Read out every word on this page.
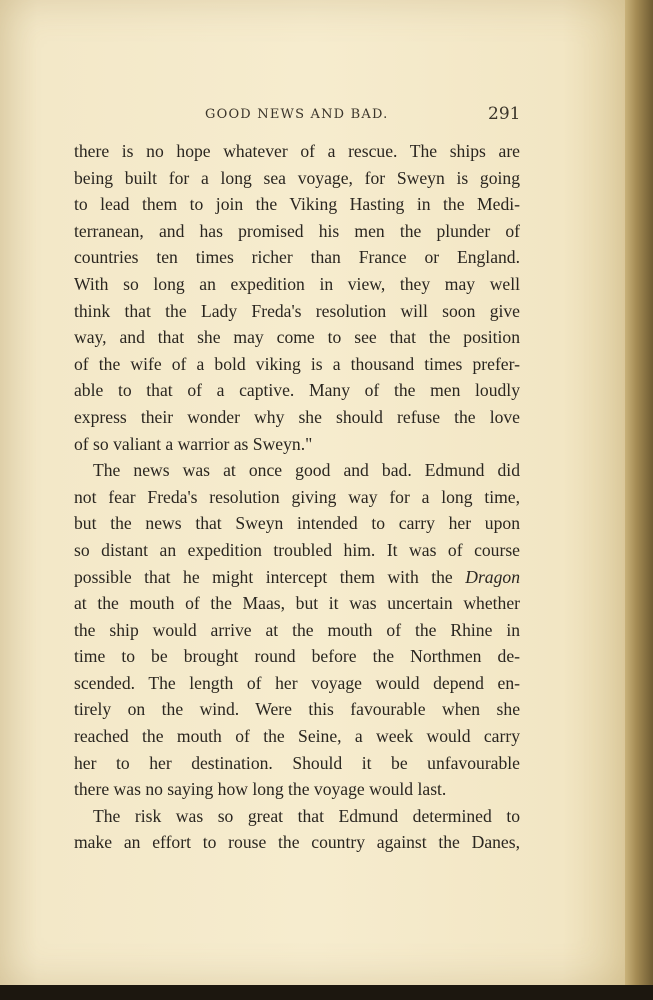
GOOD NEWS AND BAD.	291
there is no hope whatever of a rescue. The ships are
being built for a long sea voyage, for Sweyn is going
to lead them to join the Viking Hasting in the Medi-
terranean, and has promised his men the plunder of
countries ten times richer than France or England.
With so long an expedition in view, they may well
think that the Lady Freda's resolution will soon give
way, and that she may come to see that the position
of the wife of a bold viking is a thousand times prefer-
able to that of a captive. Many of the men loudly
express their wonder why she should refuse the love
of so valiant a warrior as Sweyn."
The news was at once good and bad. Edmund did
not fear Freda's resolution giving way for a long time,
but the news that Sweyn intended to carry her upon
so distant an expedition troubled him. It was of course
possible that he might intercept them with the Dragon
at the mouth of the Maas, but it was uncertain whether
the ship would arrive at the mouth of the Rhine in
time to be brought round before the Northmen de-
scended. The length of her voyage would depend en-
tirely on the wind. Were this favourable when she
reached the mouth of the Seine, a week would carry
her to her destination. Should it be unfavourable
there was no saying how long the voyage would last.
The risk was so great that Edmund determined to
make an effort to rouse the country against the Danes,
